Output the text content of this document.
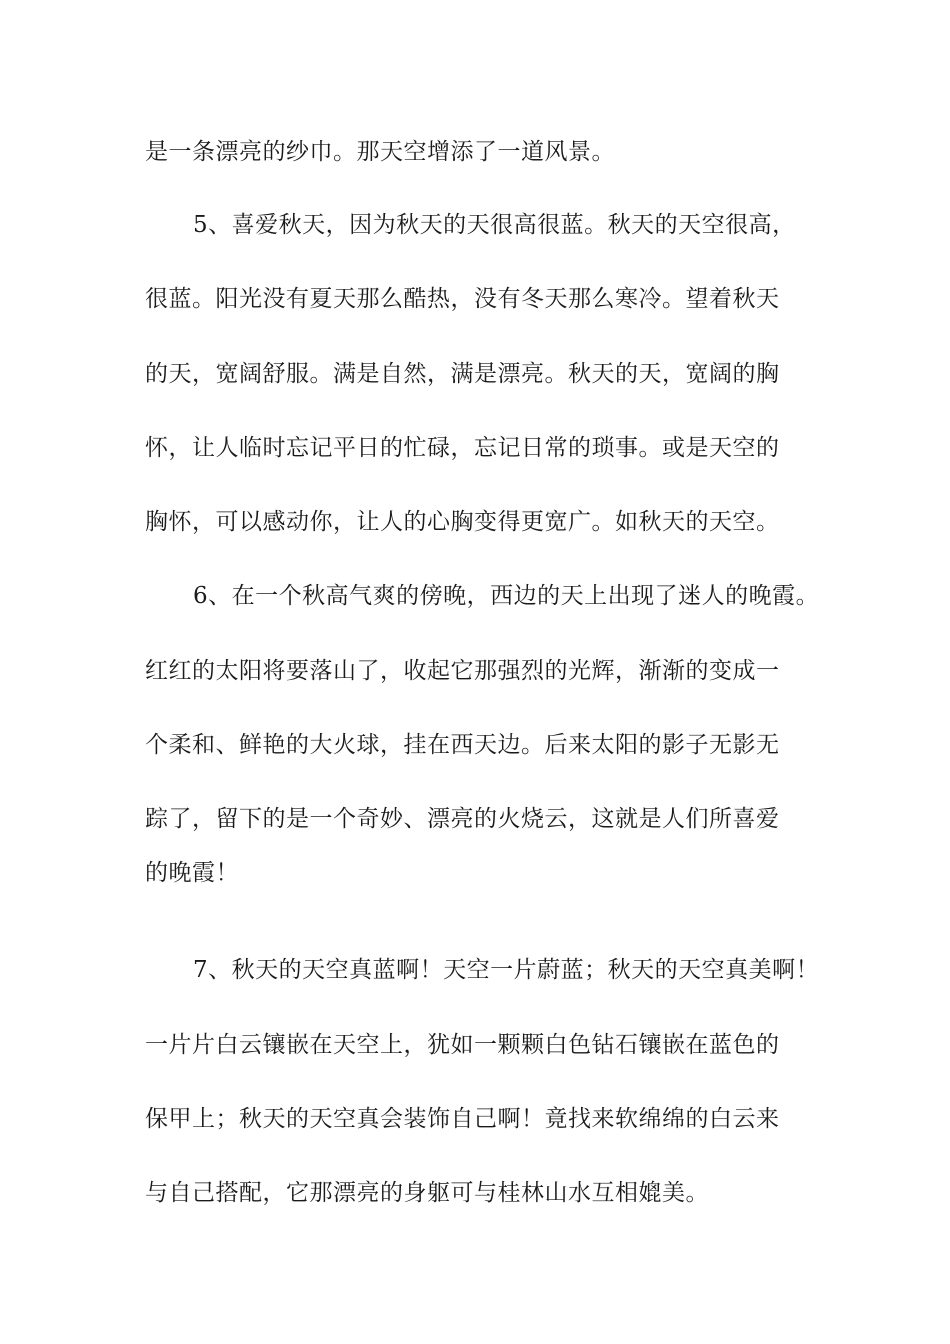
是一条漂亮的纱巾。那天空增添了一道风景。
5、喜爱秋天，因为秋天的天很高很蓝。秋天的天空很高，
很蓝。阳光没有夏天那么酷热，没有冬天那么寒冷。望着秋天
的天，宽阔舒服。满是自然，满是漂亮。秋天的天，宽阔的胸
怀，让人临时忘记平日的忙碌，忘记日常的琐事。或是天空的
胸怀，可以感动你，让人的心胸变得更宽广。如秋天的天空。
6、在一个秋高气爽的傍晚，西边的天上出现了迷人的晚霞。
红红的太阳将要落山了，收起它那强烈的光辉，渐渐的变成一
个柔和、鲜艳的大火球，挂在西天边。后来太阳的影子无影无
踪了，留下的是一个奇妙、漂亮的火烧云，这就是人们所喜爱
的晚霞！
7、秋天的天空真蓝啊！天空一片蔚蓝；秋天的天空真美啊！
一片片白云镶嵌在天空上，犹如一颗颗白色钻石镶嵌在蓝色的
保甲上；秋天的天空真会装饰自己啊！竟找来软绵绵的白云来
与自己搭配，它那漂亮的身躯可与桂林山水互相媲美。
